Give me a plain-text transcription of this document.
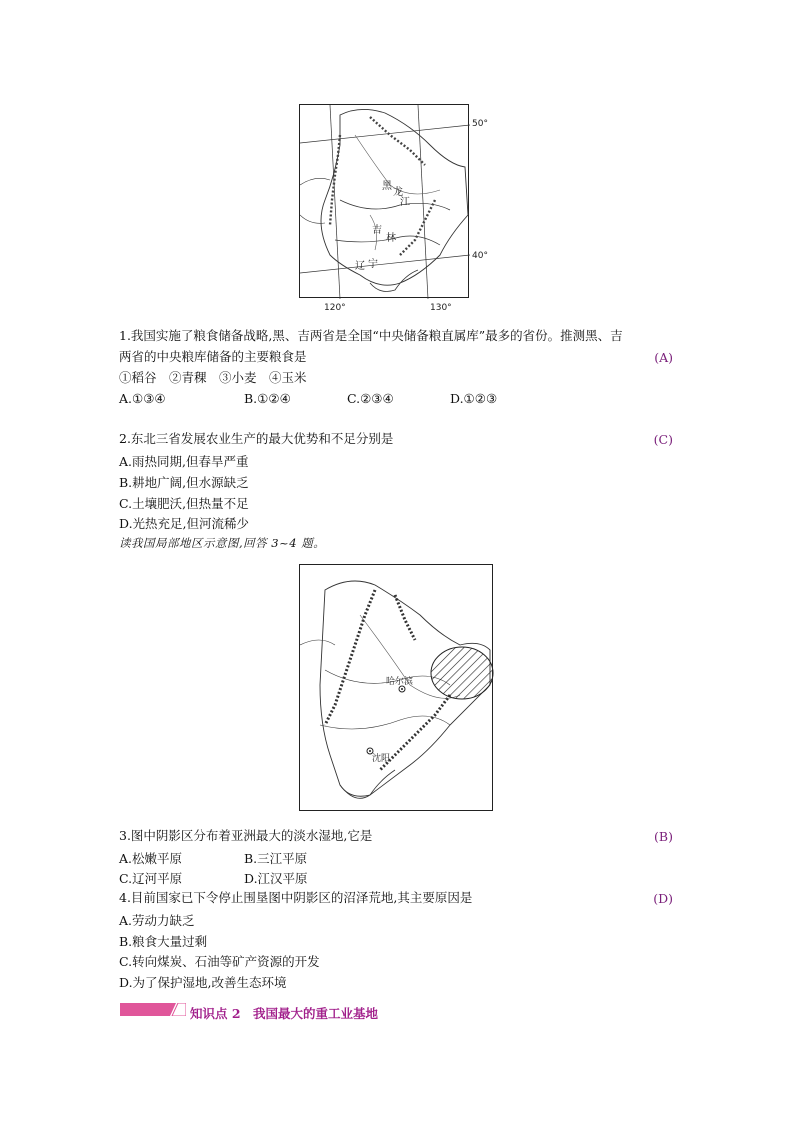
50°
40°
120°	130°
黑
龙
江
吉
林
辽 宁
1.我国实施了粮食储备战略,黑、吉两省是全国“中央储备粮直属库”最多的省份。推测黑、吉
两省的中央粮库储备的主要粮食是	(A)
①稻谷　②青稞　③小麦　④玉米
A.①③④	B.①②④	C.②③④	D.①②③
2.东北三省发展农业生产的最大优势和不足分别是	(C)
A.雨热同期,但春旱严重
B.耕地广阔,但水源缺乏
C.土壤肥沃,但热量不足
D.光热充足,但河流稀少
读我国局部地区示意图,回答 3~4 题。
哈尔滨
沈阳
3.图中阴影区分布着亚洲最大的淡水湿地,它是	(B)
A.松嫩平原	B.三江平原
C.辽河平原	D.江汉平原
4.目前国家已下令停止围垦图中阴影区的沼泽荒地,其主要原因是	(D)
A.劳动力缺乏
B.粮食大量过剩
C.转向煤炭、石油等矿产资源的开发
D.为了保护湿地,改善生态环境
知识点 2　我国最大的重工业基地
